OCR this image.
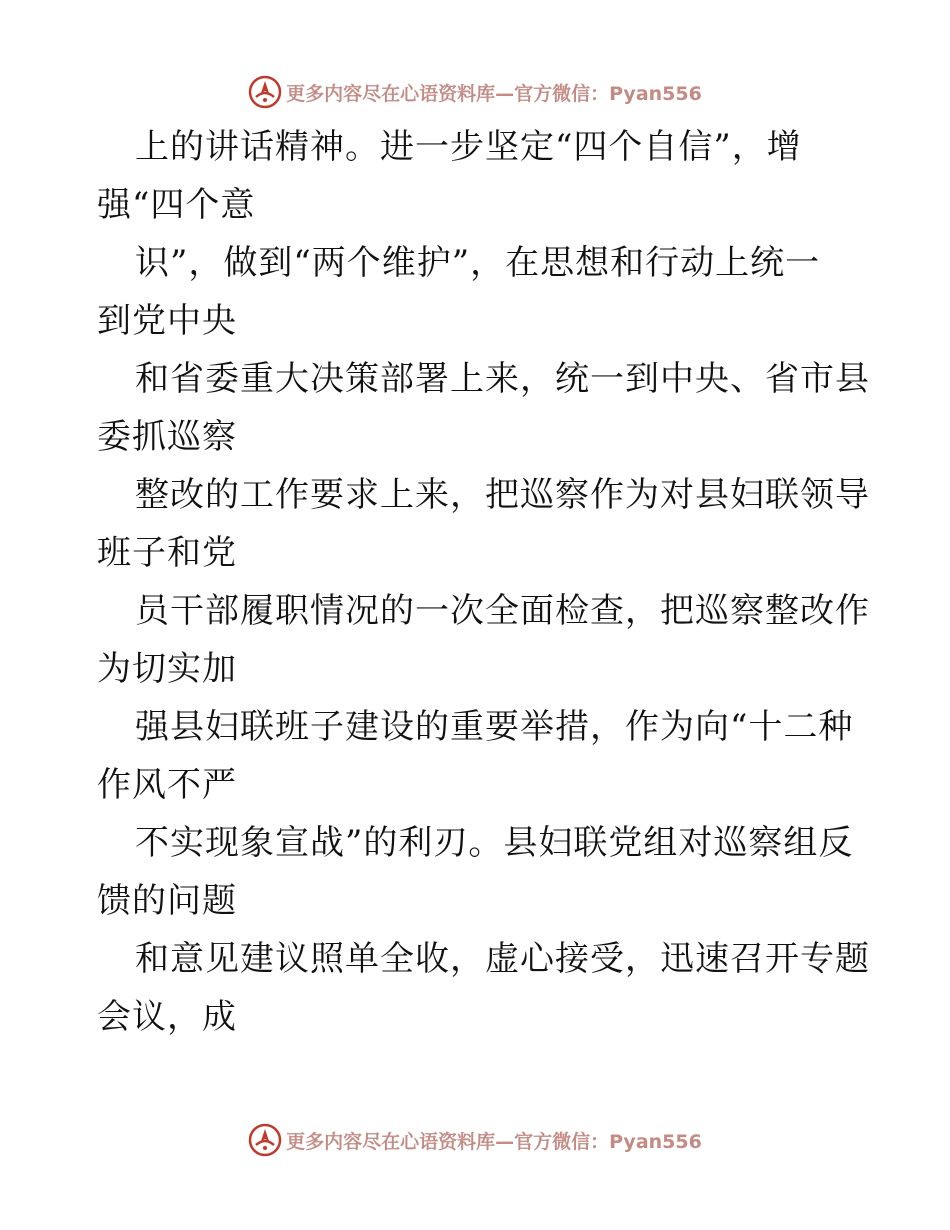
更多内容尽在心语资料库—官方微信：Pyan556
上的讲话精神。进一步坚定“四个自信”，增
强“四个意
识”，做到“两个维护”，在思想和行动上统一
到党中央
和省委重大决策部署上来，统一到中央、省市县
委抓巡察
整改的工作要求上来，把巡察作为对县妇联领导
班子和党
员干部履职情况的一次全面检查，把巡察整改作
为切实加
强县妇联班子建设的重要举措，作为向“十二种
作风不严
不实现象宣战”的利刃。县妇联党组对巡察组反
馈的问题
和意见建议照单全收，虚心接受，迅速召开专题
会议，成
更多内容尽在心语资料库—官方微信：Pyan556
